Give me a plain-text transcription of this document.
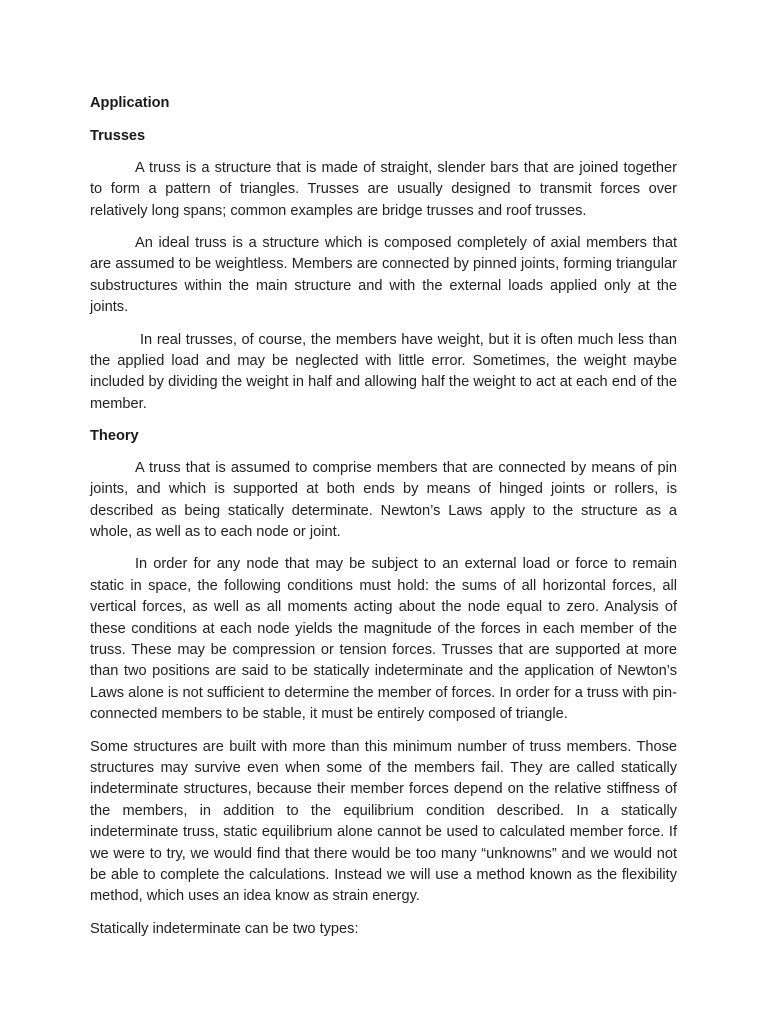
Application

Trusses

A truss is a structure that is made of straight, slender bars that are joined together to form a pattern of triangles. Trusses are usually designed to transmit forces over relatively long spans; common examples are bridge trusses and roof trusses.

An ideal truss is a structure which is composed completely of axial members that are assumed to be weightless. Members are connected by pinned joints, forming triangular substructures within the main structure and with the external loads applied only at the joints.

In real trusses, of course, the members have weight, but it is often much less than the applied load and may be neglected with little error. Sometimes, the weight maybe included by dividing the weight in half and allowing half the weight to act at each end of the member.

Theory

A truss that is assumed to comprise members that are connected by means of pin joints, and which is supported at both ends by means of hinged joints or rollers, is described as being statically determinate. Newton’s Laws apply to the structure as a whole, as well as to each node or joint.

In order for any node that may be subject to an external load or force to remain static in space, the following conditions must hold: the sums of all horizontal forces, all vertical forces, as well as all moments acting about the node equal to zero. Analysis of these conditions at each node yields the magnitude of the forces in each member of the truss. These may be compression or tension forces. Trusses that are supported at more than two positions are said to be statically indeterminate and the application of Newton’s Laws alone is not sufficient to determine the member of forces. In order for a truss with pin-connected members to be stable, it must be entirely composed of triangle.

Some structures are built with more than this minimum number of truss members. Those structures may survive even when some of the members fail. They are called statically indeterminate structures, because their member forces depend on the relative stiffness of the members, in addition to the equilibrium condition described. In a statically indeterminate truss, static equilibrium alone cannot be used to calculated member force. If we were to try, we would find that there would be too many “unknowns” and we would not be able to complete the calculations. Instead we will use a method known as the flexibility method, which uses an idea know as strain energy.

Statically indeterminate can be two types:
